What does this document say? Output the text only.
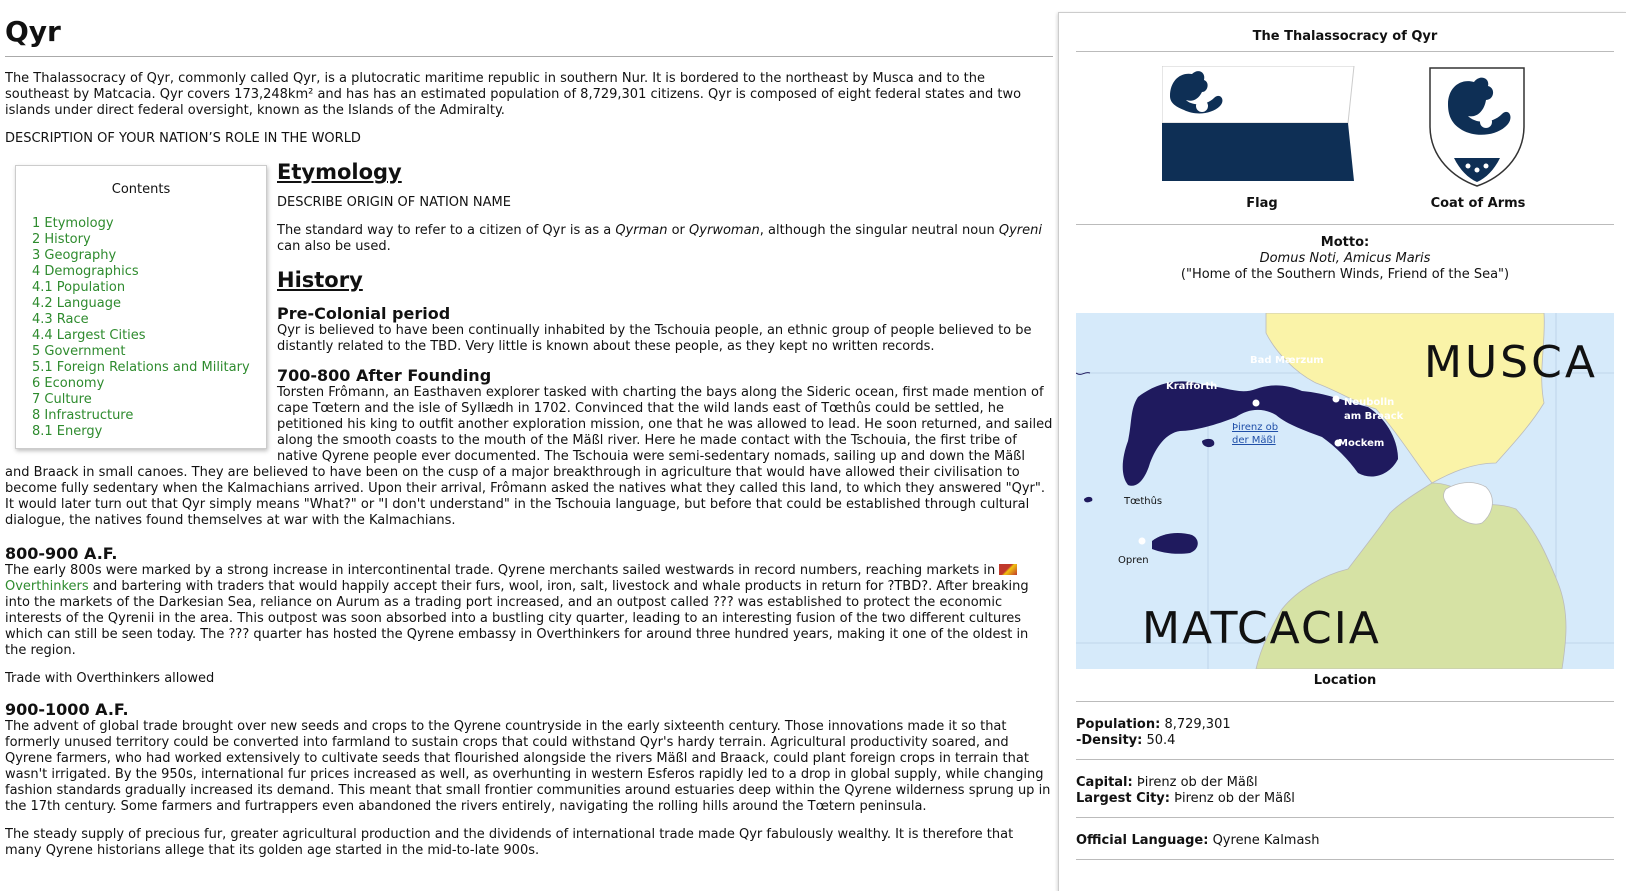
Qyr

The Thalassocracy of Qyr, commonly called Qyr, is a plutocratic maritime republic in southern Nur. It is bordered to the northeast by Musca and to the southeast by Matcacia. Qyr covers 173,248km² and has has an estimated population of 8,729,301 citizens. Qyr is composed of eight federal states and two islands under direct federal oversight, known as the Islands of the Admiralty.

DESCRIPTION OF YOUR NATION’S ROLE IN THE WORLD

Contents
1 Etymology
2 History
3 Geography
4 Demographics
4.1 Population
4.2 Language
4.3 Race
4.4 Largest Cities
5 Government
5.1 Foreign Relations and Military
6 Economy
7 Culture
8 Infrastructure
8.1 Energy
Etymology

DESCRIBE ORIGIN OF NATION NAME

The standard way to refer to a citizen of Qyr is as a Qyrman or Qyrwoman, although the singular neutral noun Qyreni can also be used.

History
Pre-Colonial period

Qyr is believed to have been continually inhabited by the Tschouia people, an ethnic group of people believed to be distantly related to the TBD. Very little is known about these people, as they kept no written records.

700-800 After Founding

Torsten Frômann, an Easthaven explorer tasked with charting the bays along the Sideric ocean, first made mention of cape Tœtern and the isle of Syllædh in 1702. Convinced that the wild lands east of Tœthûs could be settled, he petitioned his king to outfit another exploration mission, one that he was allowed to lead. He soon returned, and sailed along the smooth coasts to the mouth of the Mäßl river. Here he made contact with the Tschouia, the first tribe of native Qyrene people ever documented. The Tschouia were semi-sedentary nomads, sailing up and down the Mäßl and Braack in small canoes. They are believed to have been on the cusp of a major breakthrough in agriculture that would have allowed their civilisation to become fully sedentary when the Kalmachians arrived. Upon their arrival, Frômann asked the natives what they called this land, to which they answered "Qyr". It would later turn out that Qyr simply means "What?" or "I don't understand" in the Tschouia language, but before that could be established through cultural dialogue, the natives found themselves at war with the Kalmachians.

800-900 A.F.

The early 800s were marked by a strong increase in intercontinental trade. Qyrene merchants sailed westwards in record numbers, reaching markets in Overthinkers and bartering with traders that would happily accept their furs, wool, iron, salt, livestock and whale products in return for ?TBD?. After breaking into the markets of the Darkesian Sea, reliance on Aurum as a trading port increased, and an outpost called ??? was established to protect the economic interests of the Qyrenii in the area. This outpost was soon absorbed into a bustling city quarter, leading to an interesting fusion of the two different cultures which can still be seen today. The ??? quarter has hosted the Qyrene embassy in Overthinkers for around three hundred years, making it one of the oldest in the region.

Trade with Overthinkers allowed

900-1000 A.F.

The advent of global trade brought over new seeds and crops to the Qyrene countryside in the early sixteenth century. Those innovations made it so that formerly unused territory could be converted into farmland to sustain crops that could withstand Qyr's hardy terrain. Agricultural productivity soared, and Qyrene farmers, who had worked extensively to cultivate seeds that flourished alongside the rivers Mäßl and Braack, could plant foreign crops in terrain that wasn't irrigated. By the 950s, international fur prices increased as well, as overhunting in western Esferos rapidly led to a drop in global supply, while changing fashion standards gradually increased its demand. This meant that small frontier communities around estuaries deep within the Qyrene wilderness sprung up in the 17th century. Some farmers and furtrappers even abandoned the rivers entirely, navigating the rolling hills around the Tœtern peninsula.

The steady supply of precious fur, greater agricultural production and the dividends of international trade made Qyr fabulously wealthy. It is therefore that many Qyrene historians allege that its golden age started in the mid-to-late 900s.

The Thalassocracy of Qyr
Flag	Coat of Arms
Motto:
Domus Noti, Amicus Maris
("Home of the Southern Winds, Friend of the Sea")
MUSCA
MATCACIA
Bad Mærzum
Krafforth
Neubolln
am Braack
Þirenz ob
der Mäßl	Mockem
Tœthûs
Opren
Location
Population: 8,729,301
-Density: 50.4
Capital: Þirenz ob der Mäßl
Largest City: Þirenz ob der Mäßl
Official Language: Qyrene Kalmash
